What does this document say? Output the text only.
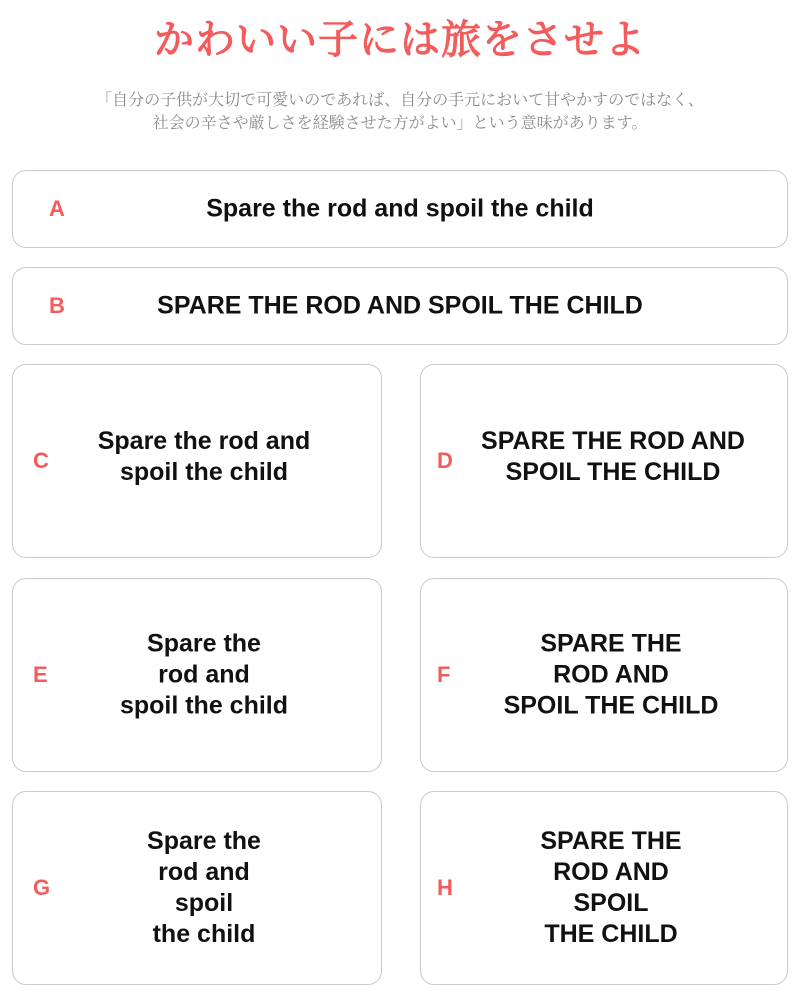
かわいい子には旅をさせよ
「自分の子供が大切で可愛いのであれば、自分の手元において甘やかすのではなく、
社会の辛さや厳しさを経験させた方がよい」という意味があります。
A	Spare the rod and spoil the child
B	SPARE THE ROD AND SPOIL THE CHILD
C
Spare the rod and
spoil the child	D
SPARE THE ROD AND
SPOIL THE CHILD
E
Spare the
rod and
spoil the child
F
SPARE THE
ROD AND
SPOIL THE CHILD
G
Spare the
rod and
spoil
the child
H
SPARE THE
ROD AND
SPOIL
THE CHILD
